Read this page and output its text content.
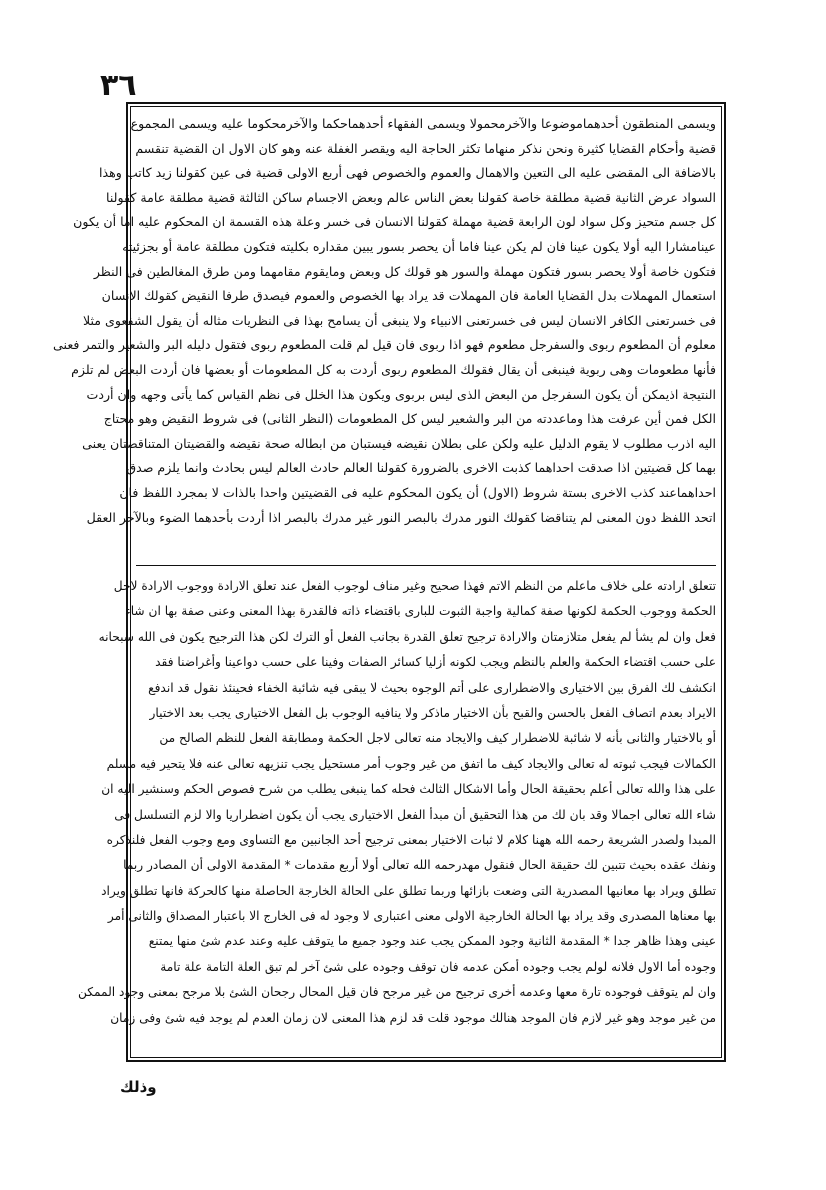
٣٦
ويسمى المنطقون أحدهماموضوعا والآخرمحمولا ويسمى الفقهاء أحدهماحكما والآخرمحكوما عليه ويسمى المجموع
قضية وأحكام القضايا كثيرة ونحن نذكر منهاما تكثر الحاجة اليه ويقصر الغفلة عنه وهو كان الاول ان القضية تنقسم
بالاضافة الى المقضى عليه الى التعين والاهمال والعموم والخصوص فهى أربع الاولى قضية فى عين كقولنا زيد كاتب وهذا
السواد عرض الثانية قضية مطلقة خاصة كقولنا بعض الناس عالم وبعض الاجسام ساكن الثالثة قضية مطلقة عامة كقولنا
كل جسم متحيز وكل سواد لون الرابعة قضية مهملة كقولنا الانسان فى خسر وعلة هذه القسمة ان المحكوم عليه اما أن يكون
عينامشارا اليه أولا يكون عينا فان لم يكن عينا فاما أن يحصر بسور يبين مقداره بكليته فتكون مطلقة عامة أو بجزئيته
فتكون خاصة أولا يحصر بسور فتكون مهملة والسور هو قولك كل وبعض ومايقوم مقامهما ومن طرق المغالطين فى النظر
استعمال المهملات بدل القضايا العامة فان المهملات قد يراد بها الخصوص والعموم فيصدق طرفا النقيض كقولك الانسان
فى خسرتعنى الكافر الانسان ليس فى خسرتعنى الانبياء ولا ينبغى أن يسامح بهذا فى النظريات مثاله أن يقول الشفعوى مثلا
معلوم أن المطعوم ربوى والسفرجل مطعوم فهو اذا ربوى فان قيل لم قلت المطعوم ربوى فتقول دليله البر والشعير والتمر فعنى
فأنها مطعومات وهى ربوية فينبغى أن يقال فقولك المطعوم ربوى أردت به كل المطعومات أو بعضها فان أردت البعض لم تلزم
النتيجة اذيمكن أن يكون السفرجل من البعض الذى ليس بربوى ويكون هذا الخلل فى نظم القياس كما يأتى وجهه وان أردت
الكل فمن أين عرفت هذا وماعددته من البر والشعير ليس كل المطعومات (النظر الثانى) فى شروط النقيض وهو محتاج
اليه اذرب مطلوب لا يقوم الدليل عليه ولكن على بطلان نقيضه فيستبان من ابطاله صحة نقيضه والقضيتان المتناقضتان يعنى
بهما كل قضيتين اذا صدقت احداهما كذبت الاخرى بالضرورة كقولنا العالم حادث العالم ليس بحادث وانما يلزم صدق
احداهماعند كذب الاخرى بستة شروط (الاول) أن يكون المحكوم عليه فى القضيتين واحدا بالذات لا بمجرد اللفظ فان
اتحد اللفظ دون المعنى لم يتناقضا كقولك النور مدرك بالبصر النور غير مدرك بالبصر اذا أردت بأحدهما الضوء وبالآخر العقل
تتعلق ارادته على خلاف ماعلم من النظم الاتم فهذا صحيح وغير مناف لوجوب الفعل عند تعلق الارادة ووجوب الارادة لاجل
الحكمة ووجوب الحكمة لكونها صفة كمالية واجبة الثبوت للبارى باقتضاء ذاته فالقدرة بهذا المعنى وعنى صفة بها ان شاء
فعل وان لم يشأ لم يفعل متلازمتان والارادة ترجيح تعلق القدرة بجانب الفعل أو الترك لكن هذا الترجيح يكون فى الله سبحانه
على حسب اقتضاء الحكمة والعلم بالنظم ويجب لكونه أزليا كسائر الصفات وفينا على حسب دواعينا وأغراضنا فقد
انكشف لك الفرق بين الاختيارى والاضطرارى على أتم الوجوه بحيث لا يبقى فيه شائبة الخفاء فحينئذ نقول قد اندفع
الايراد بعدم اتصاف الفعل بالحسن والقبح بأن الاختيار ماذكر ولا ينافيه الوجوب بل الفعل الاختيارى يجب بعد الاختيار
أو بالاختيار والثانى بأنه لا شائبة للاضطرار كيف والايجاد منه تعالى لاجل الحكمة ومطابقة الفعل للنظم الصالح من
الكمالات فيجب ثبوته له تعالى والايجاد كيف ما اتفق من غير وجوب أمر مستحيل يجب تنزيهه تعالى عنه فلا يتحير فيه مسلم
على هذا والله تعالى أعلم بحقيقة الحال وأما الاشكال الثالث فحله كما ينبغى يطلب من شرح فصوص الحكم وسنشير اليه ان
شاء الله تعالى اجمالا وقد بان لك من هذا التحقيق أن مبدأ الفعل الاختيارى يجب أن يكون اضطراريا والا لزم التسلسل فى
المبدا ولصدر الشريعة رحمه الله ههنا كلام لا ثبات الاختيار بمعنى ترجيح أحد الجانبين مع التساوى ومع وجوب الفعل فلنذكره
ونفك عقده بحيث تتبين لك حقيقة الحال فنقول مهدرحمه الله تعالى أولا أربع مقدمات * المقدمة الاولى أن المصادر ربما
تطلق ويراد بها معانيها المصدرية التى وضعت بازائها وربما تطلق على الحالة الخارجة الحاصلة منها كالحركة فانها تطلق ويراد
بها معناها المصدرى وقد يراد بها الحالة الخارجية الاولى معنى اعتبارى لا وجود له فى الخارج الا باعتبار المصداق والثانى أمر
عينى وهذا ظاهر جدا * المقدمة الثانية وجود الممكن يجب عند وجود جميع ما يتوقف عليه وعند عدم شئ منها يمتنع
وجوده أما الاول فلانه لولم يجب وجوده أمكن عدمه فان توقف وجوده على شئ آخر لم تبق العلة التامة علة تامة
وان لم يتوقف فوجوده تارة معها وعدمه أخرى ترجيح من غير مرجح فان قيل المحال رجحان الشئ بلا مرجح بمعنى وجود الممكن
من غير موجد وهو غير لازم فان الموجد هنالك موجود قلت قد لزم هذا المعنى لان زمان العدم لم يوجد فيه شئ وفى زمان
وذلك
